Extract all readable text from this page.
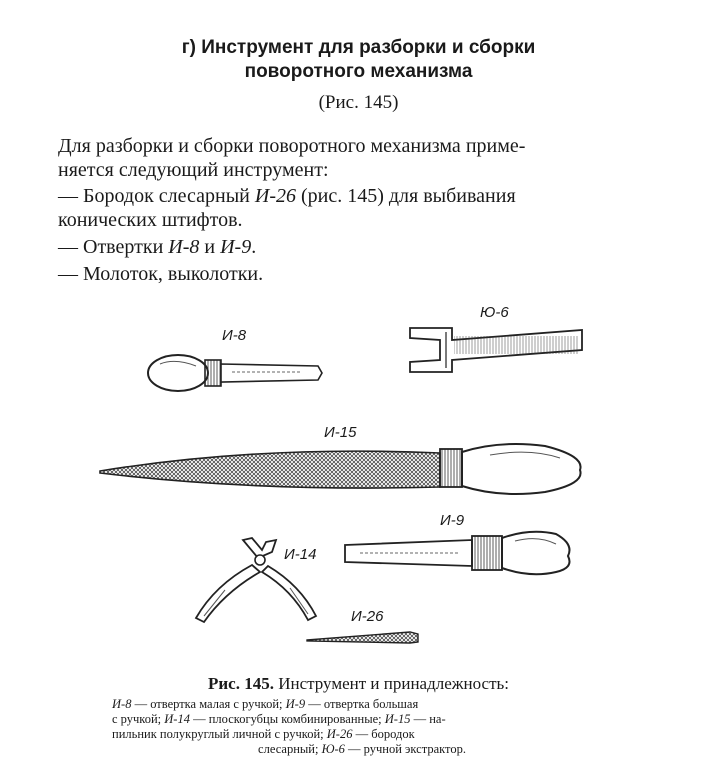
г) Инструмент для разборки и сборки
поворотного механизма
(Рис. 145)
Для разборки и сборки поворотного механизма приме-
няется следующий инструмент:
— Бородок слесарный И-26 (рис. 145) для выбивания
конических штифтов.
— Отвертки И-8 и И-9.
— Молоток, выколотки.
И-8
Ю-6
И-15
И-14
И-9
И-26
Рис. 145. Инструмент и принадлежность:
И-8 — отвертка малая с ручкой; И-9 — отвертка большая
с ручкой; И-14 — плоскогубцы комбинированные; И-15 — на-
пильник полукруглый личной с ручкой; И-26 — бородок
слесарный; Ю-6 — ручной экстрактор.
